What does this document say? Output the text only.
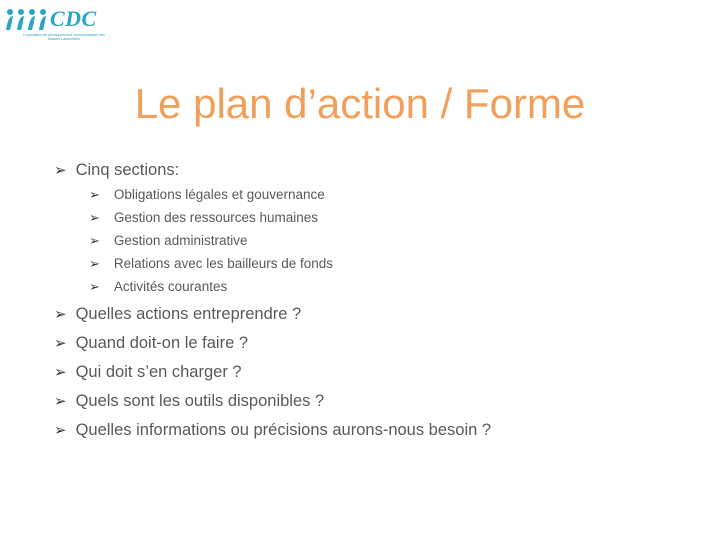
CDC
Corporation de développement communautaire des Basses-Laurentides
Le plan d’action / Forme
➢ Cinq sections:
➢ Obligations légales et gouvernance
➢ Gestion des ressources humaines
➢ Gestion administrative
➢ Relations avec les bailleurs de fonds
➢ Activités courantes
➢ Quelles actions entreprendre ?
➢ Quand doit-on le faire ?
➢ Qui doit s’en charger ?
➢ Quels sont les outils disponibles ?
➢ Quelles informations ou précisions aurons-nous besoin ?
